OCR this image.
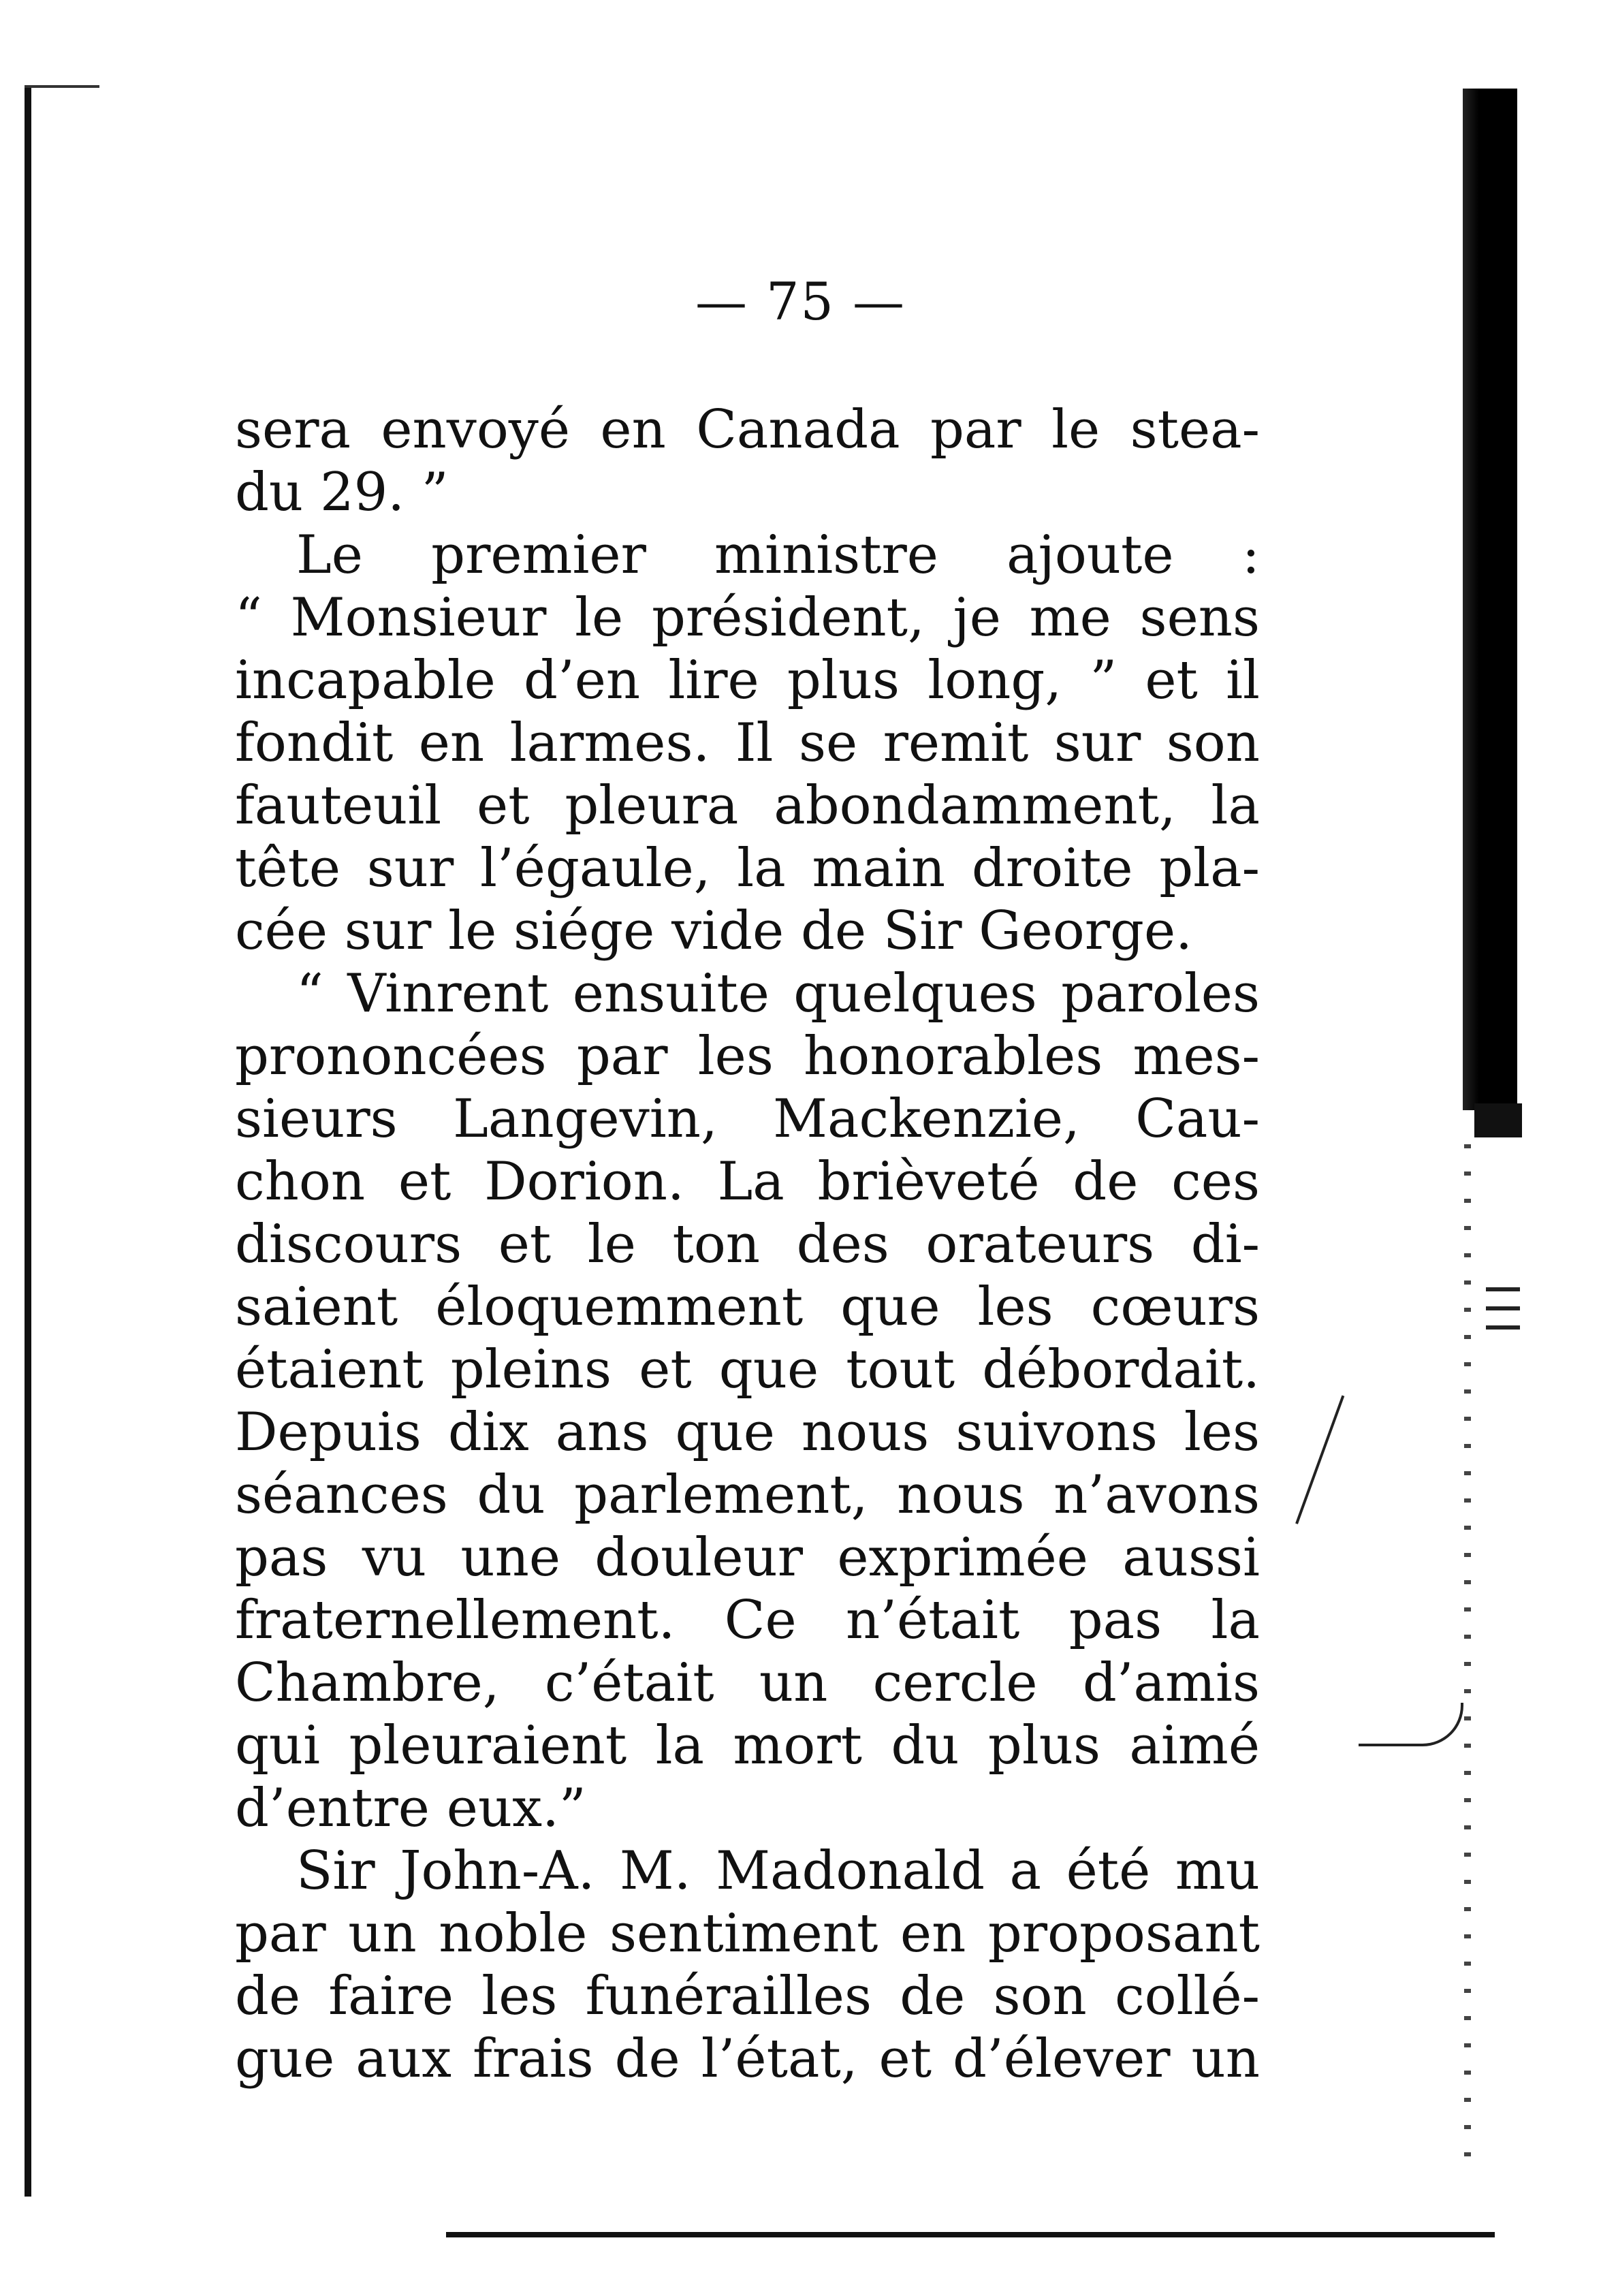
— 75 —
sera envoyé en Canada par le stea-
du 29. ”
Le premier ministre ajoute :
“ Monsieur le président, je me sens
incapable d’en lire plus long, ” et il
fondit en larmes. Il se remit sur son
fauteuil et pleura abondamment, la
tête sur l’égaule, la main droite pla-
cée sur le siége vide de Sir George.
“ Vinrent ensuite quelques paroles
prononcées par les honorables mes-
sieurs Langevin, Mackenzie, Cau-
chon et Dorion. La brièveté de ces
discours et le ton des orateurs di-
saient éloquemment que les cœurs
étaient pleins et que tout débordait.
Depuis dix ans que nous suivons les
séances du parlement, nous n’avons
pas vu une douleur exprimée aussi
fraternellement. Ce n’était pas la
Chambre, c’était un cercle d’amis
qui pleuraient la mort du plus aimé
d’entre eux.”
Sir John-A. M. Madonald a été mu
par un noble sentiment en proposant
de faire les funérailles de son collé-
gue aux frais de l’état, et d’élever un
